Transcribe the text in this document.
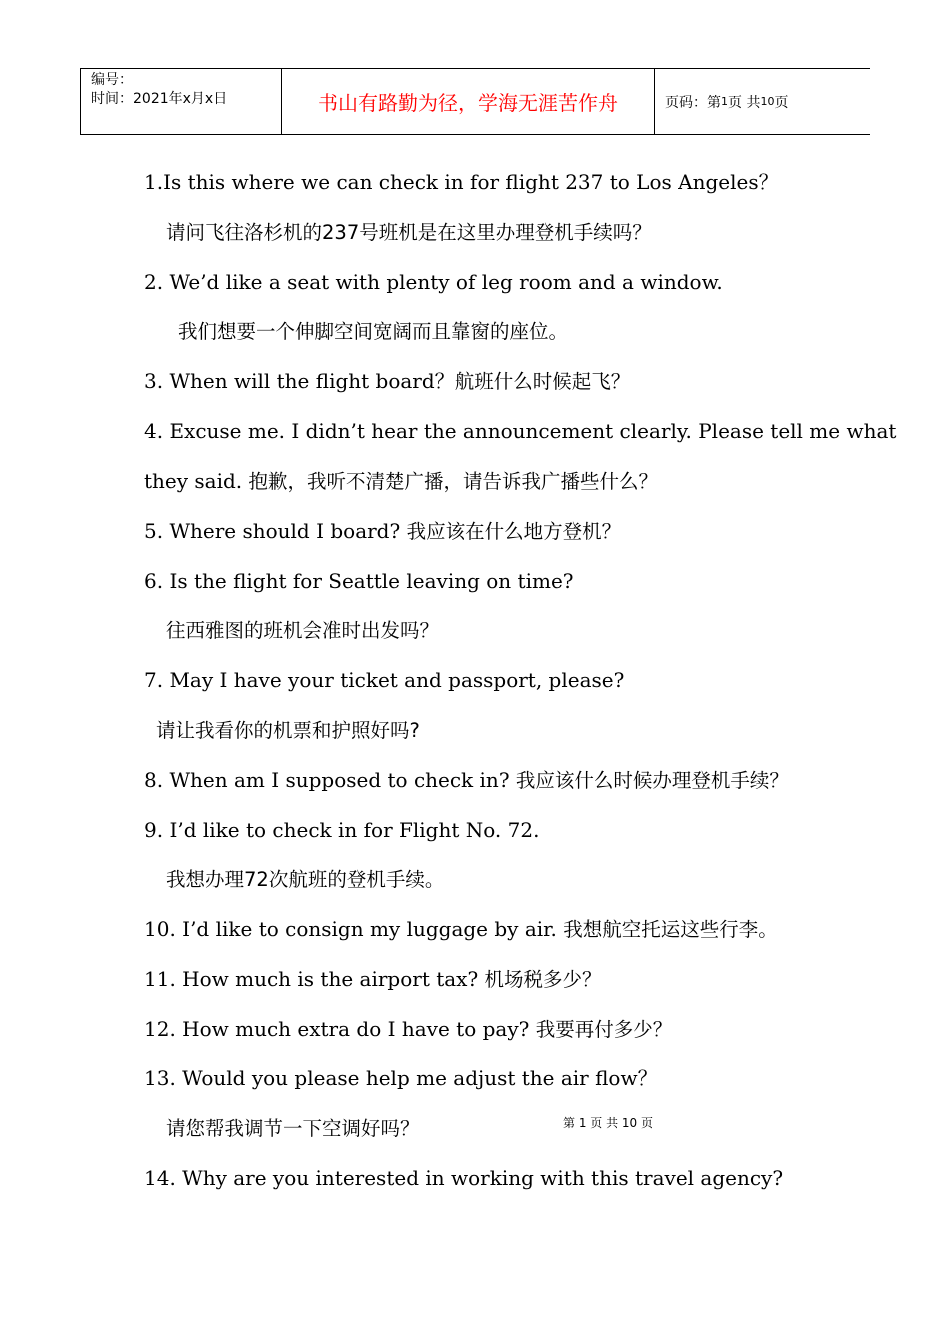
编号：
时间：2021年x月x日	书山有路勤为径，学海无涯苦作舟	页码：第 1 页 共 10 页
1.Is this where we can check in for flight 237 to Los Angeles？
请问飞往洛杉机的237号班机是在这里办理登机手续吗？
2. We’d like a seat with plenty of leg room and a window.
我们想要一个伸脚空间宽阔而且靠窗的座位。
3. When will the flight board？航班什么时候起飞？
4. Excuse me. I didn’t hear the announcement clearly. Please tell me what
they said. 抱歉，我听不清楚广播，请告诉我广播些什么？
5. Where should I board? 我应该在什么地方登机？
6. Is the flight for Seattle leaving on time?
往西雅图的班机会准时出发吗？
7. May I have your ticket and passport, please?
请让我看你的机票和护照好吗?
8. When am I supposed to check in? 我应该什么时候办理登机手续？
9. I’d like to check in for Flight No. 72.
我想办理72次航班的登机手续。
10. I’d like to consign my luggage by air. 我想航空托运这些行李。
11. How much is the airport tax? 机场税多少？
12. How much extra do I have to pay? 我要再付多少？
13. Would you please help me adjust the air flow？
请您帮我调节一下空调好吗？
14. Why are you interested in working with this travel agency?
第 1 页 共 10 页
